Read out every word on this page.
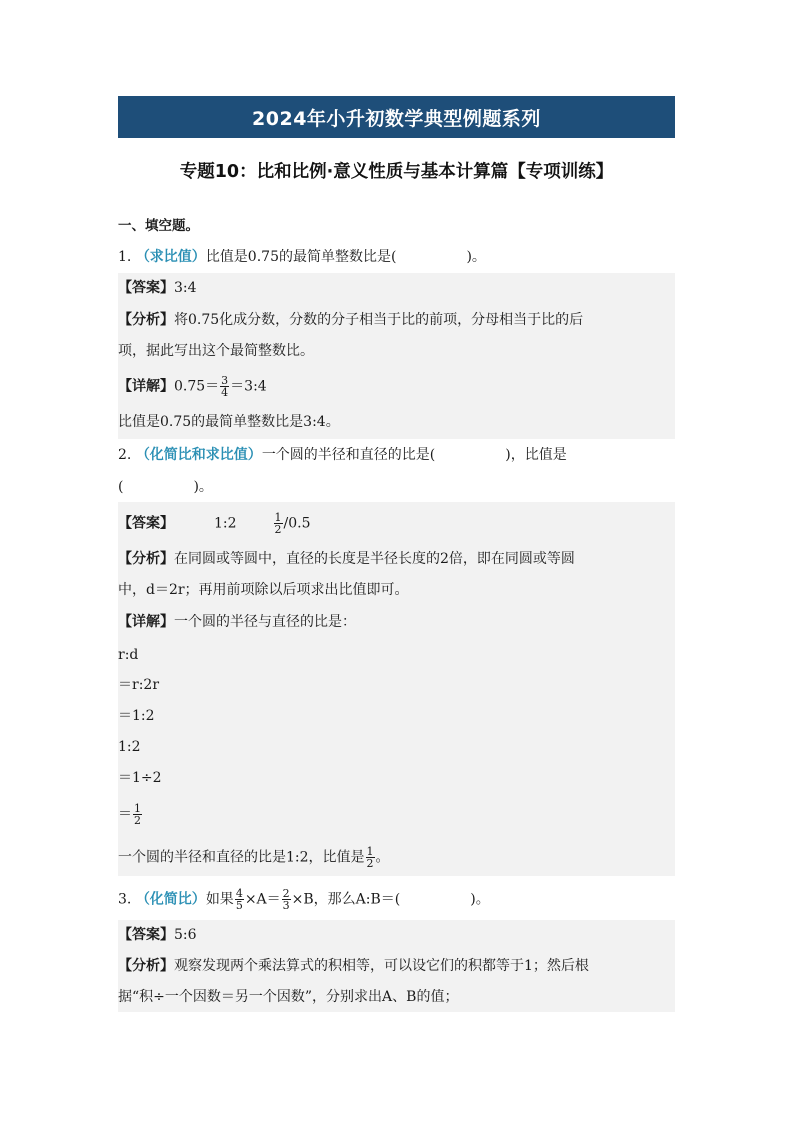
2024年小升初数学典型例题系列
专题10：比和比例·意义性质与基本计算篇【专项训练】
一、填空题。
1. （求比值）比值是0.75的最简单整数比是(	)。
【答案】3:4
【分析】将0.75化成分数，分数的分子相当于比的前项，分母相当于比的后
项，据此写出这个最简整数比。
【详解】$0.75= \frac{3}{4}$ ＝3:4
比值是0.75的最简单整数比是3:4。
2. （化简比和求比值）一个圆的半径和直径的比是(	)，比值是
(	)。
【答案】	1:2	$\frac{1}{2} /0.5$
【分析】在同圆或等圆中，直径的长度是半径长度的2倍，即在同圆或等圆
中，d＝2r；再用前项除以后项求出比值即可。
【详解】一个圆的半径与直径的比是：
r:d
＝r:2r
＝1:2
1:2
＝1÷2
＝ $\frac{1}{2}$
一个圆的半径和直径的比是1:2，比值是 $\frac{1}{2}$ 。
3. （化简比）如果 $\frac{4}{5} \times A= \frac{2}{3} \times B$，那么A:B＝(	)。
【答案】5:6
【分析】观察发现两个乘法算式的积相等，可以设它们的积都等于1；然后根
据“积÷一个因数＝另一个因数”，分别求出A、B的值；
